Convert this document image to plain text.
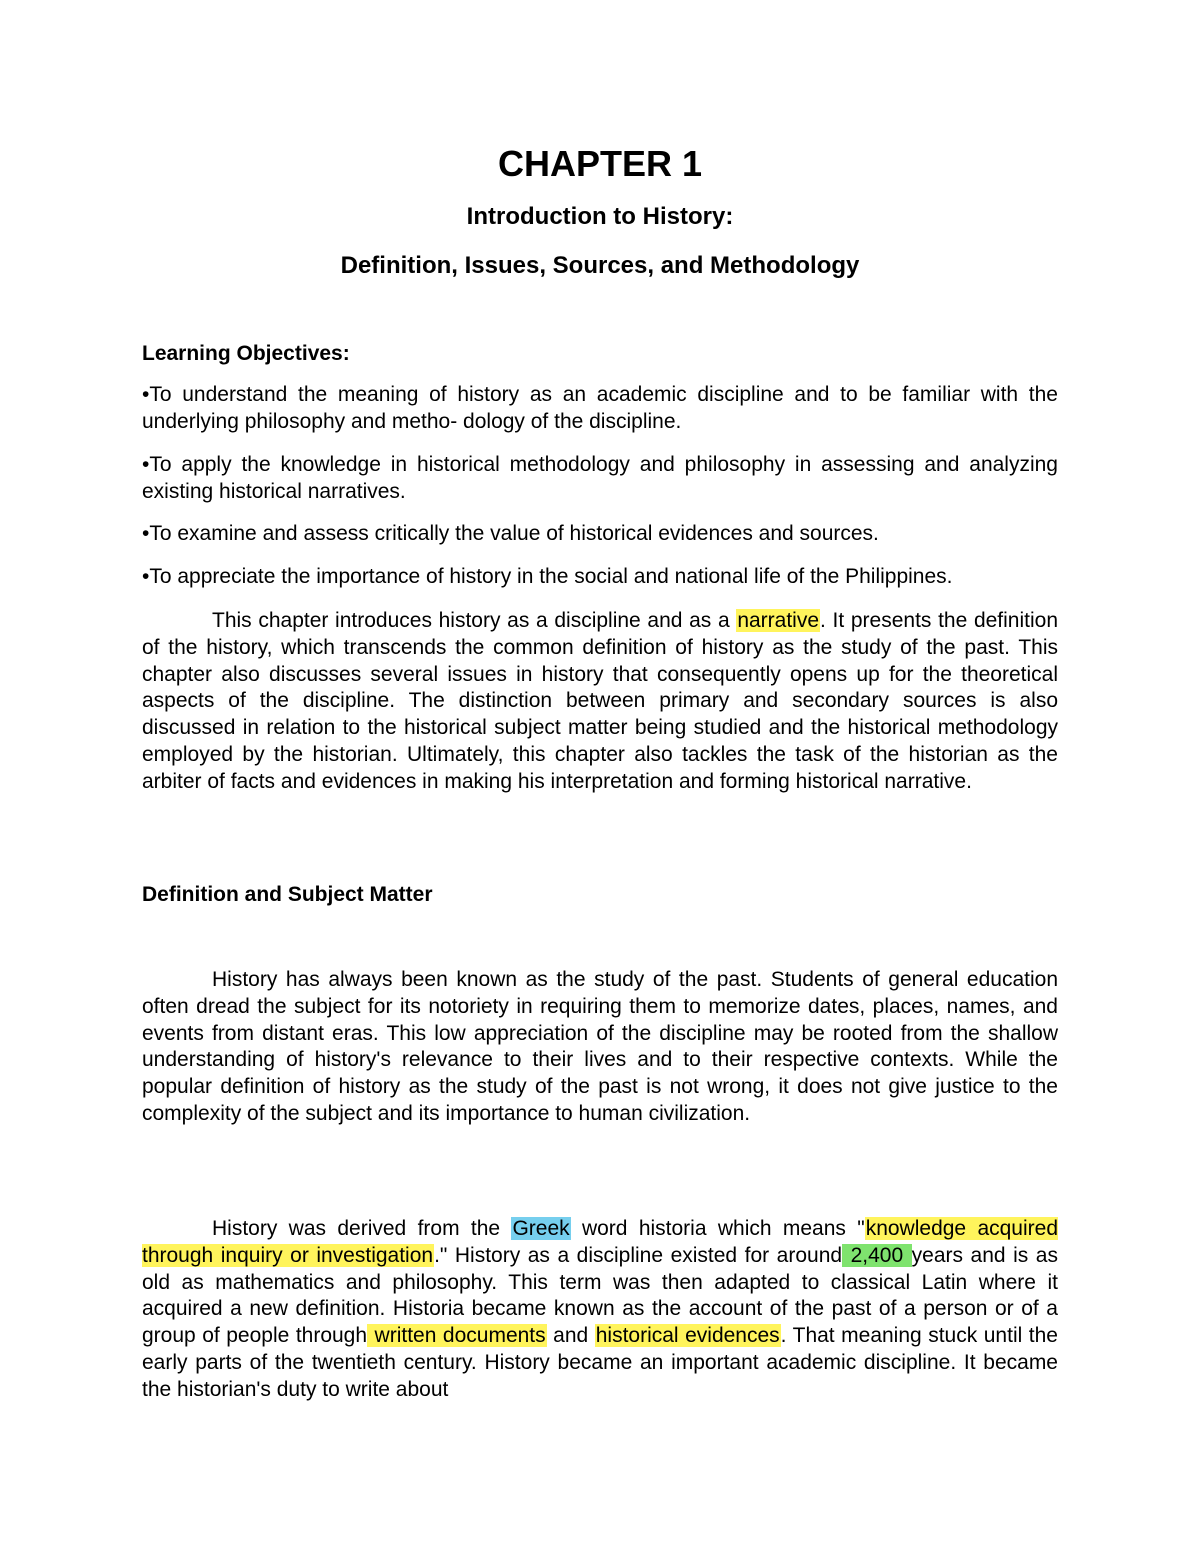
CHAPTER 1
Introduction to History:
Definition, Issues, Sources, and Methodology
Learning Objectives:

•To understand the meaning of history as an academic discipline and to be familiar with the underlying philosophy and metho- dology of the discipline.

•To apply the knowledge in historical methodology and philosophy in assessing and analyzing existing historical narratives.

•To examine and assess critically the value of historical evidences and sources.

•To appreciate the importance of history in the social and national life of the Philippines.

This chapter introduces history as a discipline and as a narrative. It presents the definition of the history, which transcends the common definition of history as the study of the past. This chapter also discusses several issues in history that consequently opens up for the theoretical aspects of the discipline. The distinction between primary and secondary sources is also discussed in relation to the historical subject matter being studied and the historical methodology employed by the historian. Ultimately, this chapter also tackles the task of the historian as the arbiter of facts and evidences in making his interpretation and forming historical narrative.

Definition and Subject Matter

History has always been known as the study of the past. Students of general education often dread the subject for its notoriety in requiring them to memorize dates, places, names, and events from distant eras. This low appreciation of the discipline may be rooted from the shallow understanding of history's relevance to their lives and to their respective contexts. While the popular definition of history as the study of the past is not wrong, it does not give justice to the complexity of the subject and its importance to human civilization.

History was derived from the Greek word historia which means "knowledge acquired through inquiry or investigation." History as a discipline existed for around 2,400 years and is as old as mathematics and philosophy. This term was then adapted to classical Latin where it acquired a new definition. Historia became known as the account of the past of a person or of a group of people through written documents and historical evidences. That meaning stuck until the early parts of the twentieth century. History became an important academic discipline. It became the historian's duty to write about
